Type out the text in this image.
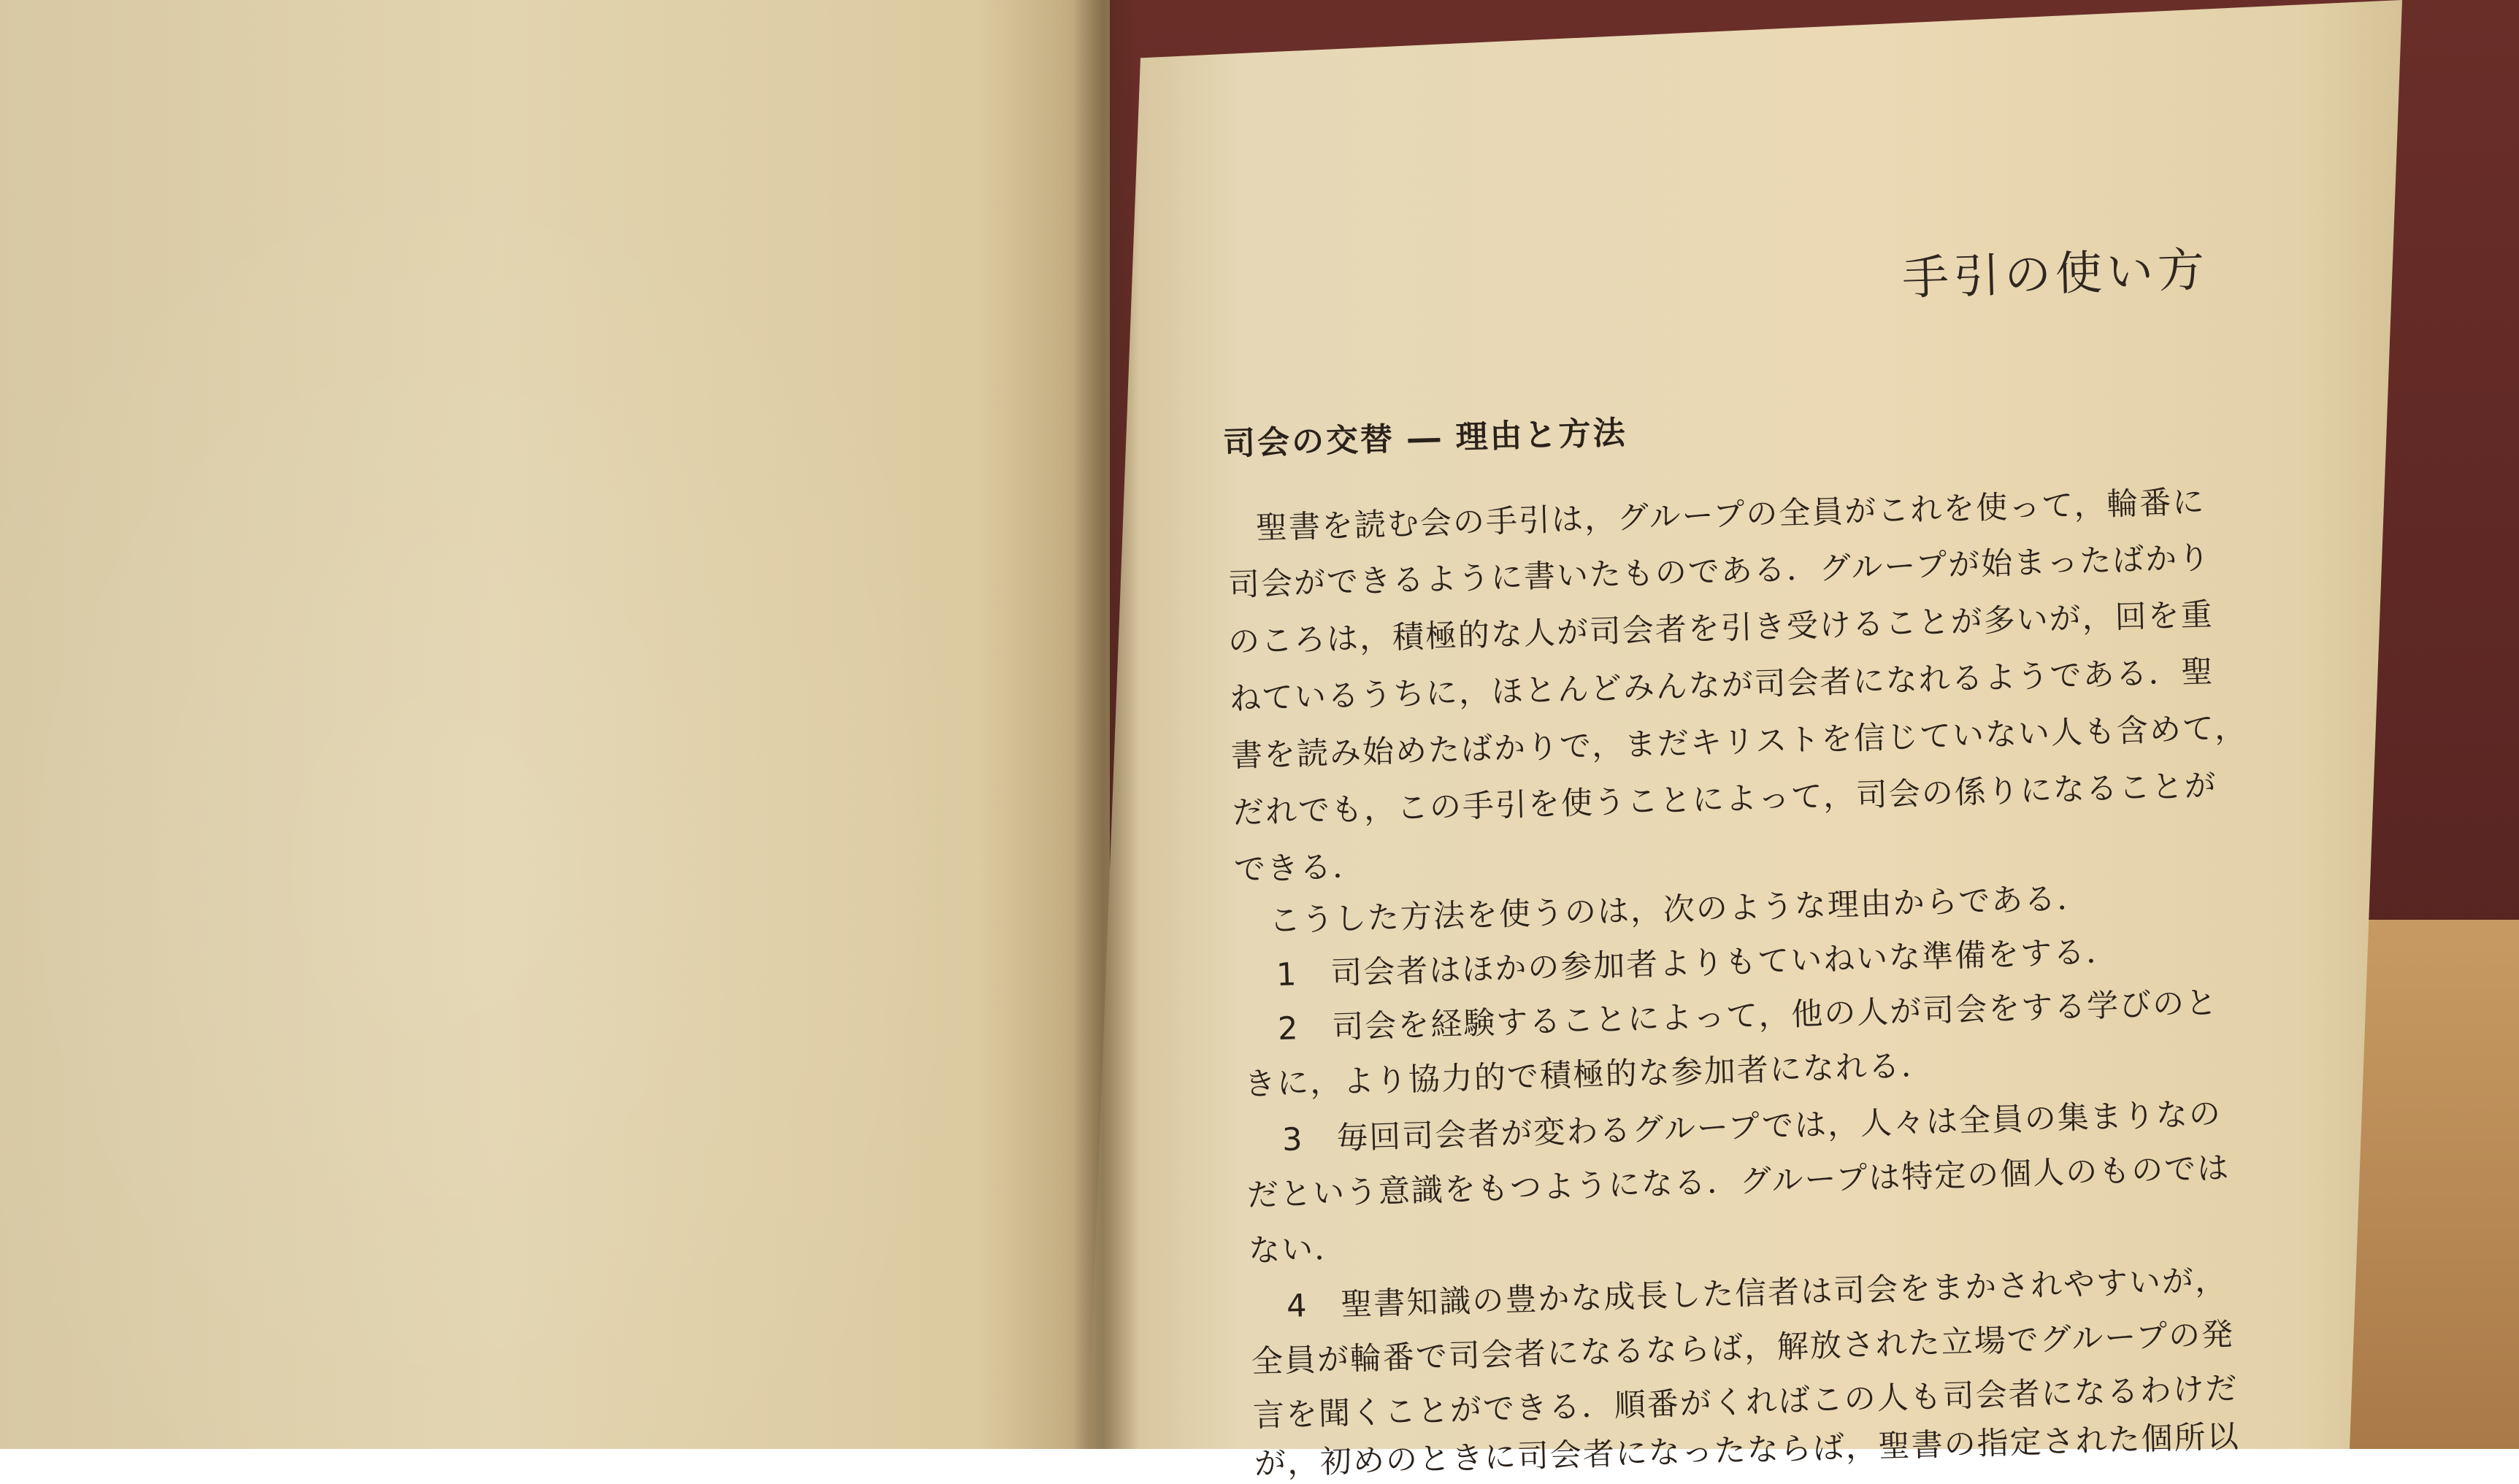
手引の使い方
司会の交替 ― 理由と方法
聖書を読む会の手引は，グループの全員がこれを使って，輪番に
司会ができるように書いたものである．グループが始まったばかり
のころは，積極的な人が司会者を引き受けることが多いが，回を重
ねているうちに，ほとんどみんなが司会者になれるようである．聖
書を読み始めたばかりで，まだキリストを信じていない人も含めて，
だれでも，この手引を使うことによって，司会の係りになることが
できる．
こうした方法を使うのは，次のような理由からである．
1　司会者はほかの参加者よりもていねいな準備をする．
2　司会を経験することによって，他の人が司会をする学びのと
きに，より協力的で積極的な参加者になれる．
3　毎回司会者が変わるグループでは，人々は全員の集まりなの
だという意識をもつようになる．グループは特定の個人のものでは
ない．
4　聖書知識の豊かな成長した信者は司会をまかされやすいが，
全員が輪番で司会者になるならば，解放された立場でグループの発
言を聞くことができる．順番がくればこの人も司会者になるわけだ
が，初めのときに司会者になったならば，聖書の指定された個所以
